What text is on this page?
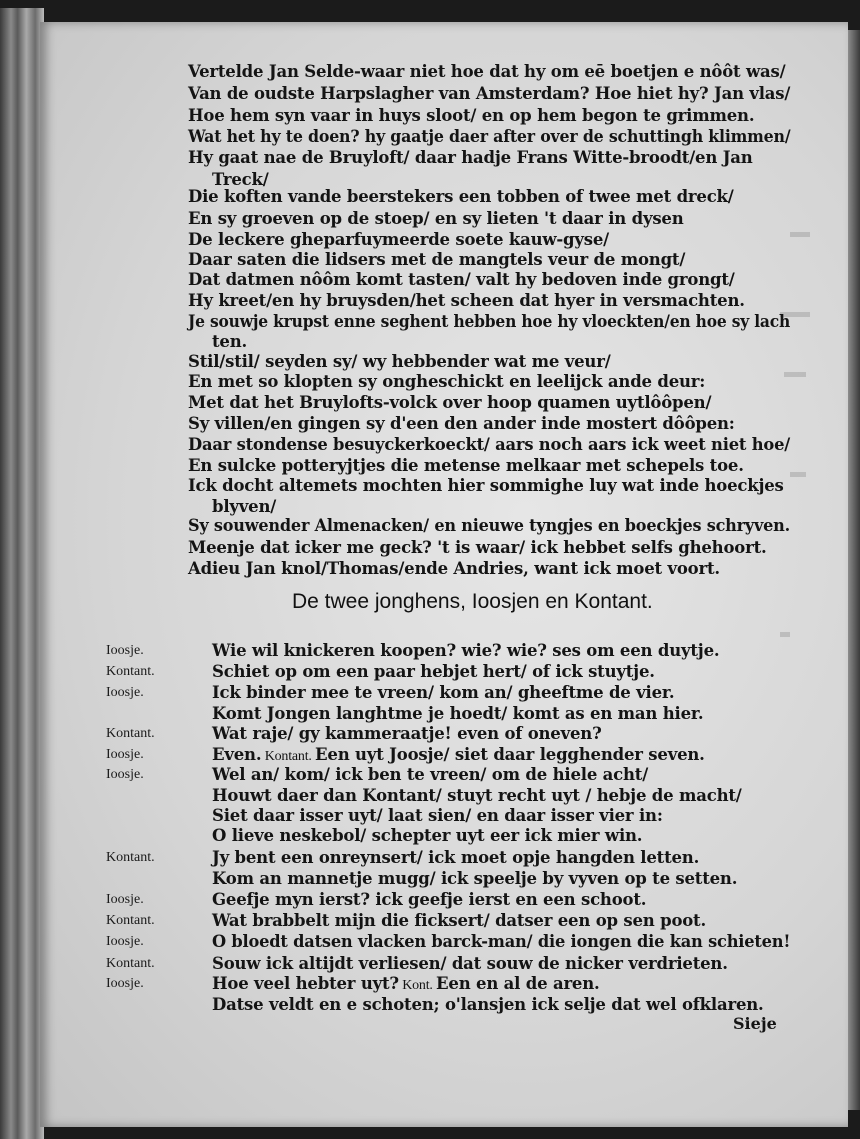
Vertelde Jan Selde-waar niet hoe dat hy om eē boetjen e nôôt was/
Van de oudste Harpslagher van Amsterdam? Hoe hiet hy? Jan vlas/
Hoe hem syn vaar in huys sloot/ en op hem begon te grimmen.
Wat het hy te doen? hy gaatje daer after over de schuttingh klimmen/
Hy gaat nae de Bruyloft/ daar hadje Frans Witte-broodt/en Jan
Treck/
Die koften vande beerstekers een tobben of twee met dreck/
En sy groeven op de stoep/ en sy lieten 't daar in dysen
De leckere gheparfuymeerde soete kauw-gyse/
Daar saten die lidsers met de mangtels veur de mongt/
Dat datmen nôôm komt tasten/ valt hy bedoven inde grongt/
Hy kreet/en hy bruysden/het scheen dat hyer in versmachten.
Je souwje krupst enne seghent hebben hoe hy vloeckten/en hoe sy lach
ten.
Stil/stil/ seyden sy/ wy hebbender wat me veur/
En met so klopten sy ongheschickt en leelijck ande deur:
Met dat het Bruylofts-volck over hoop quamen uytlôôpen/
Sy villen/en gingen sy d'een den ander inde mostert dôôpen:
Daar stondense besuyckerkoeckt/ aars noch aars ick weet niet hoe/
En sulcke potteryjtjes die metense melkaar met schepels toe.
Ick docht altemets mochten hier sommighe luy wat inde hoeckjes
blyven/
Sy souwender Almenacken/ en nieuwe tyngjes en boeckjes schryven.
Meenje dat icker me geck? 't is waar/ ick hebbet selfs ghehoort.
Adieu Jan knol/Thomas/ende Andries, want ick moet voort.
De twee jonghens, Ioosjen en Kontant.
Ioosje.	Wie wil knickeren koopen? wie? wie? ses om een duytje.
Kontant.	Schiet op om een paar hebjet hert/ of ick stuytje.
Ioosje.	Ick binder mee te vreen/ kom an/ gheeftme de vier.
Komt Jongen langhtme je hoedt/ komt as en man hier.
Kontant.	Wat raje/ gy kammeraatje! even of oneven?
Ioosje.	Even. Kontant. Een uyt Joosje/ siet daar legghender seven.
Ioosje.	Wel an/ kom/ ick ben te vreen/ om de hiele acht/
Houwt daer dan Kontant/ stuyt recht uyt / hebje de macht/
Siet daar isser uyt/ laat sien/ en daar isser vier in:
O lieve neskebol/ schepter uyt eer ick mier win.
Kontant.	Jy bent een onreynsert/ ick moet opje hangden letten.
Kom an mannetje mugg/ ick speelje by vyven op te setten.
Ioosje.	Geefje myn ierst? ick geefje ierst en een schoot.
Kontant.	Wat brabbelt mijn die ficksert/ datser een op sen poot.
Ioosje.	O bloedt datsen vlacken barck-man/ die iongen die kan schieten!
Kontant.	Souw ick altijdt verliesen/ dat souw de nicker verdrieten.
Ioosje.	Hoe veel hebter uyt? Kont. Een en al de aren.
Datse veldt en e schoten; o'lansjen ick selje dat wel ofklaren.
Sieje
